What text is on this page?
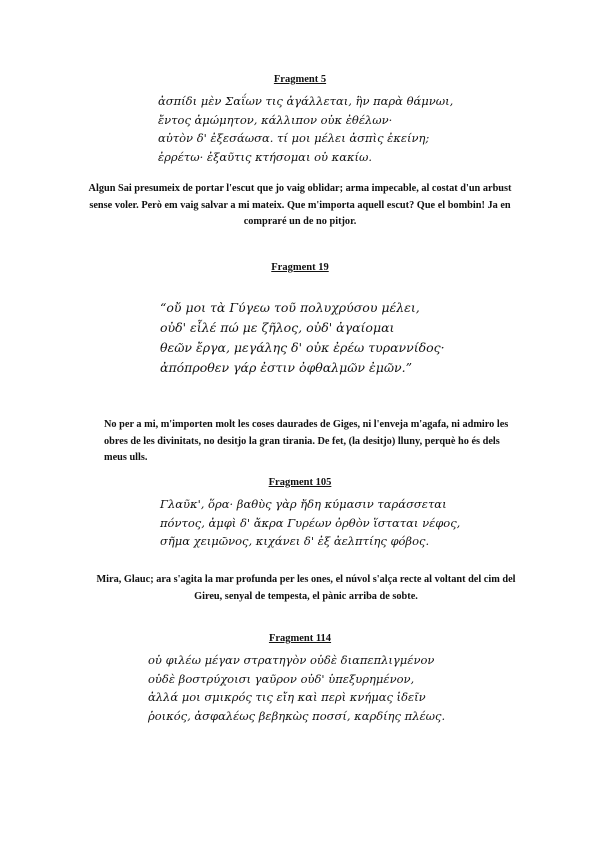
Fragment 5
ἀσπίδι μὲν Σαΐων τις ἀγάλλεται, ἣν παρὰ θάμνωι,
ἔντος ἀμώμητον, κάλλιπον οὐκ ἐθέλων·
αὐτὸν δ' ἐξεσάωσα. τί μοι μέλει ἀσπὶς ἐκείνη;
ἐρρέτω· ἐξαῦτις κτήσομαι οὐ κακίω.
Algun Sai presumeix de portar l'escut que jo vaig oblidar; arma impecable, al costat d'un arbust sense voler. Però em vaig salvar a mi mateix. Que m'importa aquell escut? Que el bombin! Ja en compraré un de no pitjor.
Fragment 19
“οὔ μοι τὰ Γύγεω τοῦ πολυχρύσου μέλει,
οὐδ' εἷλέ πώ με ζῆλος, οὐδ' ἀγαίομαι
θεῶν ἔργα, μεγάλης δ' οὐκ ἐρέω τυραννίδος·
ἀπόπροθεν γάρ ἐστιν ὀφθαλμῶν ἐμῶν.”
No per a mi, m'importen molt les coses daurades de Giges, ni l'enveja m'agafa, ni admiro les obres de les divinitats, no desitjo la gran tirania. De fet, (la desitjo) lluny, perquè ho és dels meus ulls.
Fragment 105
Γλαῦκ', ὅρα· βαθὺς γὰρ ἤδη κύμασιν ταράσσεται
πόντος, ἀμφὶ δ' ἄκρα Γυρέων ὀρθὸν ἵσταται νέφος,
σῆμα χειμῶνος, κιχάνει δ' ἐξ ἀελπτίης φόβος.
Mira, Glauc; ara s'agita la mar profunda per les ones, el núvol s'alça recte al voltant del cim del Gireu, senyal de tempesta, el pànic arriba de sobte.
Fragment 114
οὐ φιλέω μέγαν στρατηγὸν οὐδὲ διαπεπλιγμένον
οὐδὲ βοστρύχοισι γαῦρον οὐδ' ὑπεξυρημένον,
ἀλλά μοι σμικρός τις εἴη καὶ περὶ κνήμας ἰδεῖν
ῥοικός, ἀσφαλέως βεβηκὼς ποσσί, καρδίης πλέως.
